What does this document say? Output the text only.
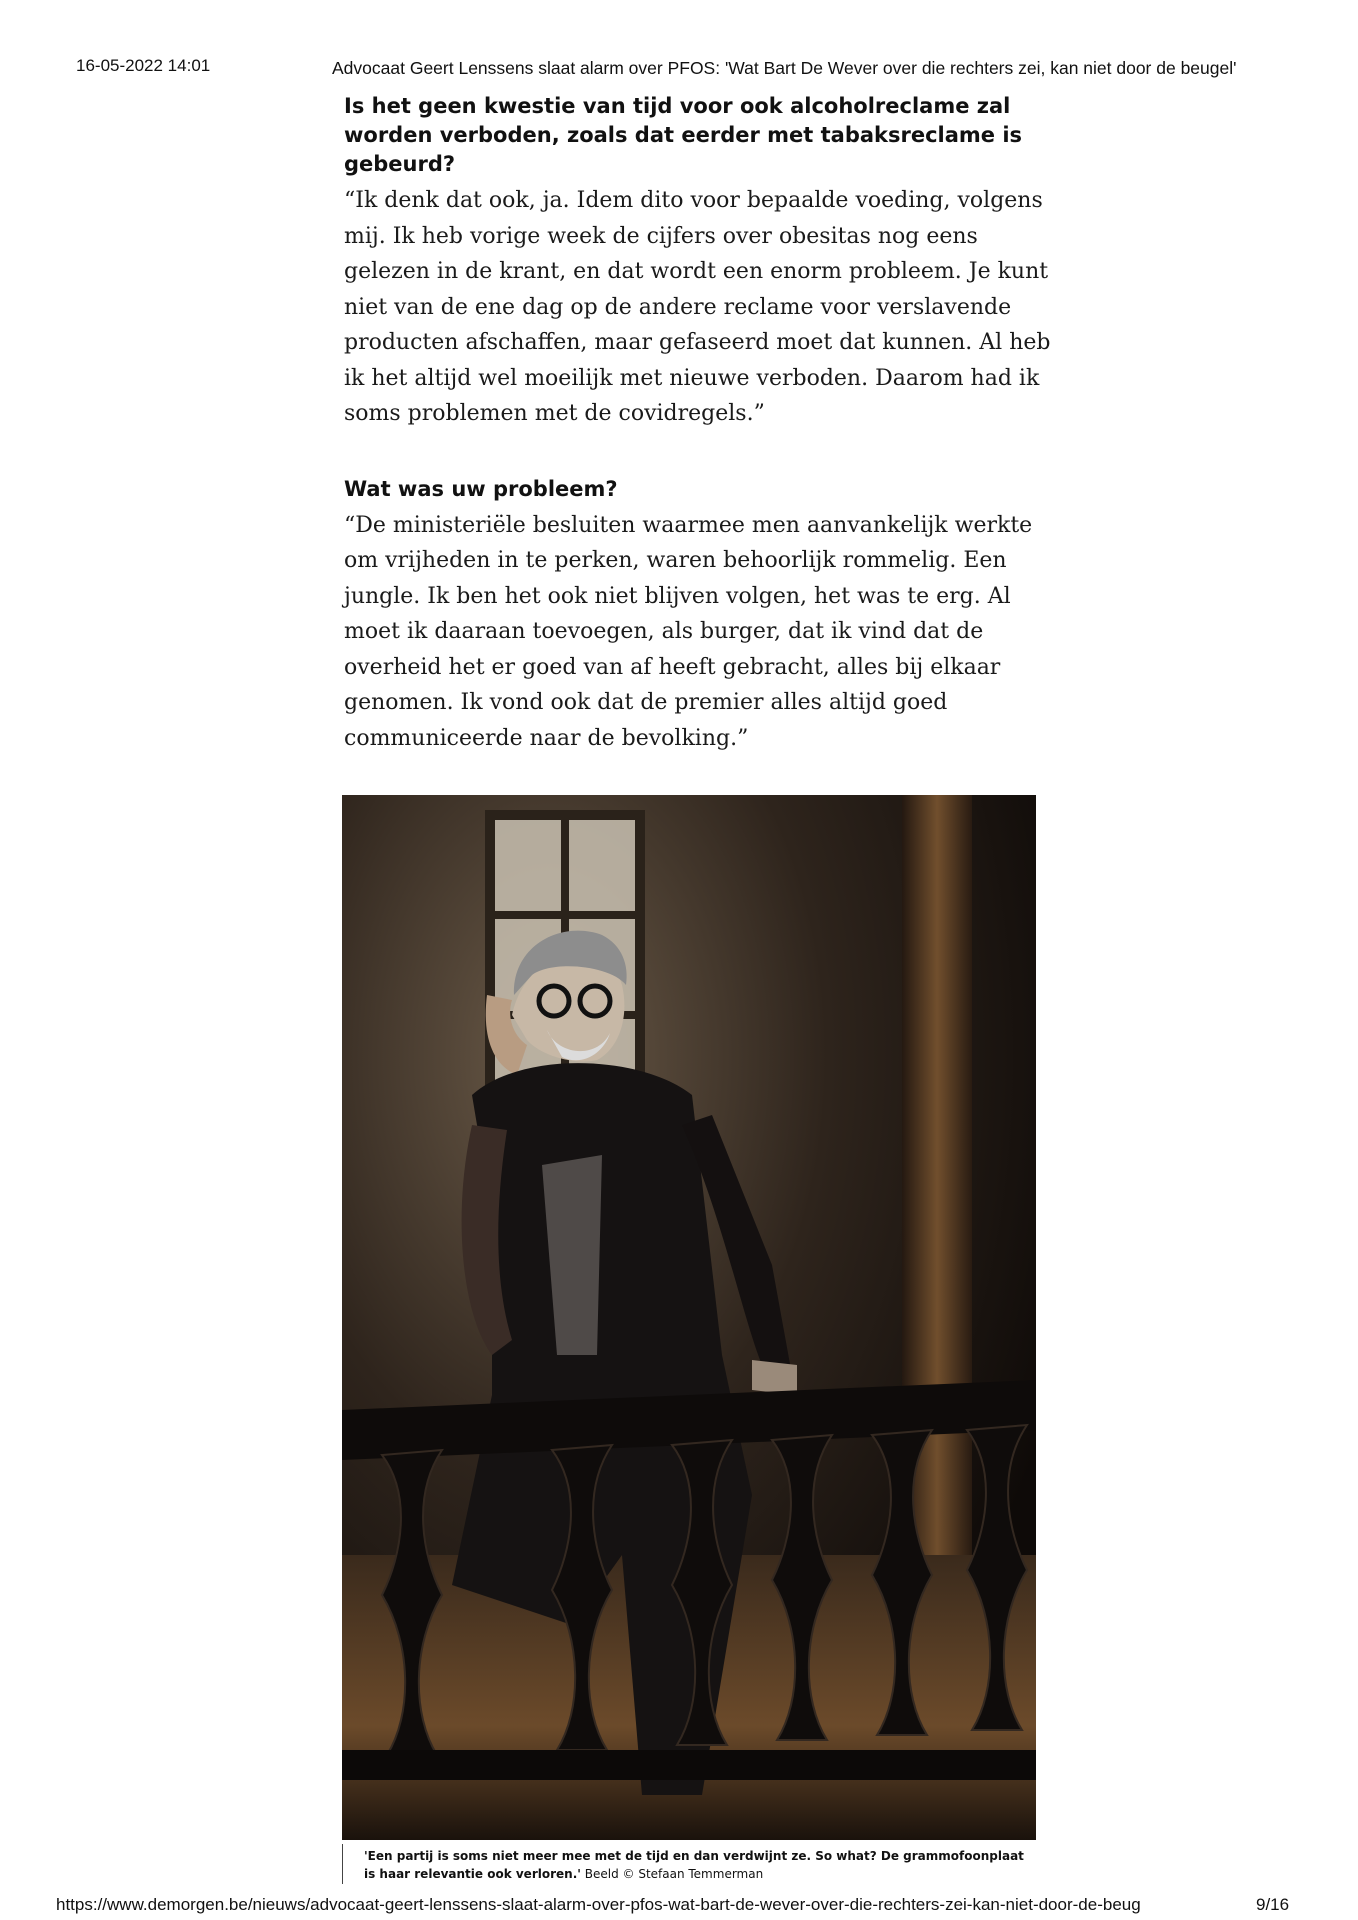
16-05-2022 14:01	Advocaat Geert Lenssens slaat alarm over PFOS: 'Wat Bart De Wever over die rechters zei, kan niet door de beugel'

Is het geen kwestie van tijd voor ook alcoholreclame zal worden verboden, zoals dat eerder met tabaksreclame is gebeurd?

“Ik denk dat ook, ja. Idem dito voor bepaalde voeding, volgens mij. Ik heb vorige week de cijfers over obesitas nog eens gelezen in de krant, en dat wordt een enorm probleem. Je kunt niet van de ene dag op de andere reclame voor verslavende producten afschaffen, maar gefaseerd moet dat kunnen. Al heb ik het altijd wel moeilijk met nieuwe verboden. Daarom had ik soms problemen met de covidregels.”

Wat was uw probleem?

“De ministeriële besluiten waarmee men aanvankelijk werkte om vrijheden in te perken, waren behoorlijk rommelig. Een jungle. Ik ben het ook niet blijven volgen, het was te erg. Al moet ik daaraan toevoegen, als burger, dat ik vind dat de overheid het er goed van af heeft gebracht, alles bij elkaar genomen. Ik vond ook dat de premier alles altijd goed communiceerde naar de bevolking.”

'Een partij is soms niet meer mee met de tijd en dan verdwijnt ze. So what? De grammofoonplaat is haar relevantie ook verloren.' Beeld © Stefaan Temmerman
https://www.demorgen.be/nieuws/advocaat-geert-lenssens-slaat-alarm-over-pfos-wat-bart-de-wever-over-die-rechters-zei-kan-niet-door-de-beug	9/16
